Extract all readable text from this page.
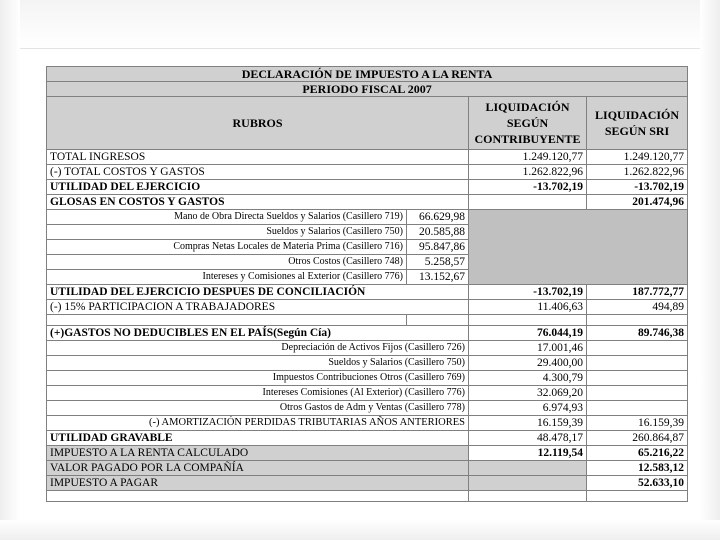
DECLARACIÓN DE IMPUESTO A LA RENTA			
PERIODO FISCAL 2007			
RUBROS		LIQUIDACIÓN SEGÚN CONTRIBUYENTE	LIQUIDACIÓN SEGÚN SRI
TOTAL INGRESOS		1.249.120,77	1.249.120,77
(-) TOTAL COSTOS Y GASTOS		1.262.822,96	1.262.822,96
UTILIDAD DEL EJERCICIO		-13.702,19	-13.702,19
GLOSAS EN COSTOS Y GASTOS			201.474,96
Mano de Obra Directa Sueldos y Salarios (Casillero 719)	66.629,98		
Sueldos y Salarios (Casillero 750)	20.585,88		
Compras Netas Locales de Materia Prima (Casillero 716)	95.847,86		
Otros Costos (Casillero 748)	5.258,57		
Intereses y Comisiones al Exterior (Casillero 776)	13.152,67		
UTILIDAD DEL EJERCICIO DESPUES DE CONCILIACIÓN		-13.702,19	187.772,77
(-) 15% PARTICIPACION A TRABAJADORES		11.406,63	494,89

(+)GASTOS NO DEDUCIBLES EN EL PAÍS(Según Cía)		76.044,19	89.746,38
Depreciación de Activos Fijos (Casillero 726)		17.001,46	
Sueldos y Salarios (Casillero 750)		29.400,00	
Impuestos Contribuciones Otros (Casillero 769)		4.300,79	
Intereses Comisiones (Al Exterior) (Casillero 776)		32.069,20	
Otros Gastos de Adm y Ventas (Casillero 778)		6.974,93	
(-) AMORTIZACIÓN PERDIDAS TRIBUTARIAS AÑOS ANTERIORES		16.159,39	16.159,39
UTILIDAD GRAVABLE		48.478,17	260.864,87
IMPUESTO A LA RENTA CALCULADO		12.119,54	65.216,22
VALOR PAGADO POR LA COMPAÑÍA			12.583,12
IMPUESTO A PAGAR			52.633,10
